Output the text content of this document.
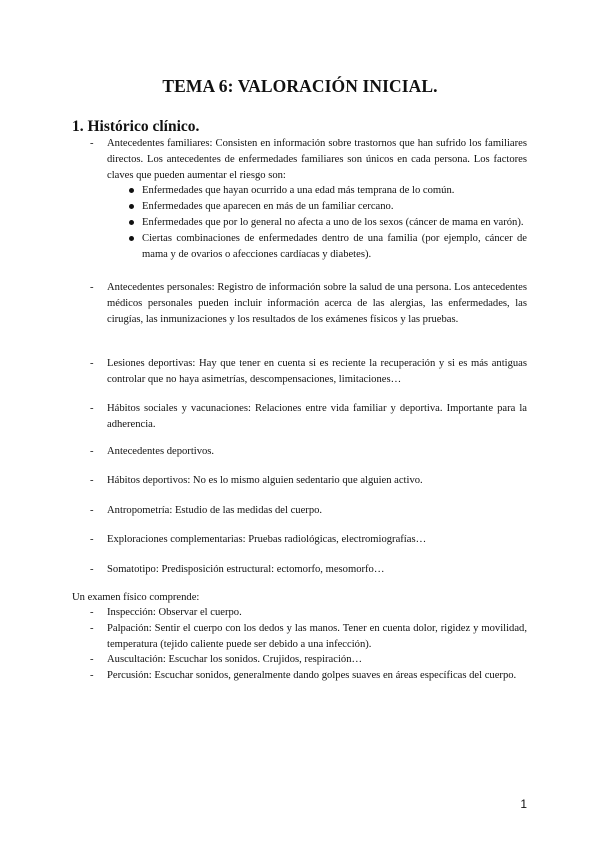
TEMA 6: VALORACIÓN INICIAL.
1. Histórico clínico.
- Antecedentes familiares: Consisten en información sobre trastornos que han sufrido los familiares directos. Los antecedentes de enfermedades familiares son únicos en cada persona. Los factores claves que pueden aumentar el riesgo son:
Enfermedades que hayan ocurrido a una edad más temprana de lo común.
Enfermedades que aparecen en más de un familiar cercano.
Enfermedades que por lo general no afecta a uno de los sexos (cáncer de mama en varón).
Ciertas combinaciones de enfermedades dentro de una familia (por ejemplo, cáncer de mama y de ovarios o afecciones cardíacas y diabetes).
- Antecedentes personales: Registro de información sobre la salud de una persona. Los antecedentes médicos personales pueden incluir información acerca de las alergias, las enfermedades, las cirugías, las inmunizaciones y los resultados de los exámenes físicos y las pruebas.
- Lesiones deportivas: Hay que tener en cuenta si es reciente la recuperación y si es más antiguas controlar que no haya asimetrías, descompensaciones, limitaciones…
- Hábitos sociales y vacunaciones: Relaciones entre vida familiar y deportiva. Importante para la adherencia.
- Antecedentes deportivos.
- Hábitos deportivos: No es lo mismo alguien sedentario que alguien activo.
- Antropometría: Estudio de las medidas del cuerpo.
- Exploraciones complementarias: Pruebas radiológicas, electromiografías…
- Somatotipo: Predisposición estructural: ectomorfo, mesomorfo…
Un examen físico comprende:
- Inspección: Observar el cuerpo.
- Palpación: Sentir el cuerpo con los dedos y las manos. Tener en cuenta dolor, rigidez y movilidad, temperatura (tejido caliente puede ser debido a una infección).
- Auscultación: Escuchar los sonidos. Crujidos, respiración…
- Percusión: Escuchar sonidos, generalmente dando golpes suaves en áreas específicas del cuerpo.
1
